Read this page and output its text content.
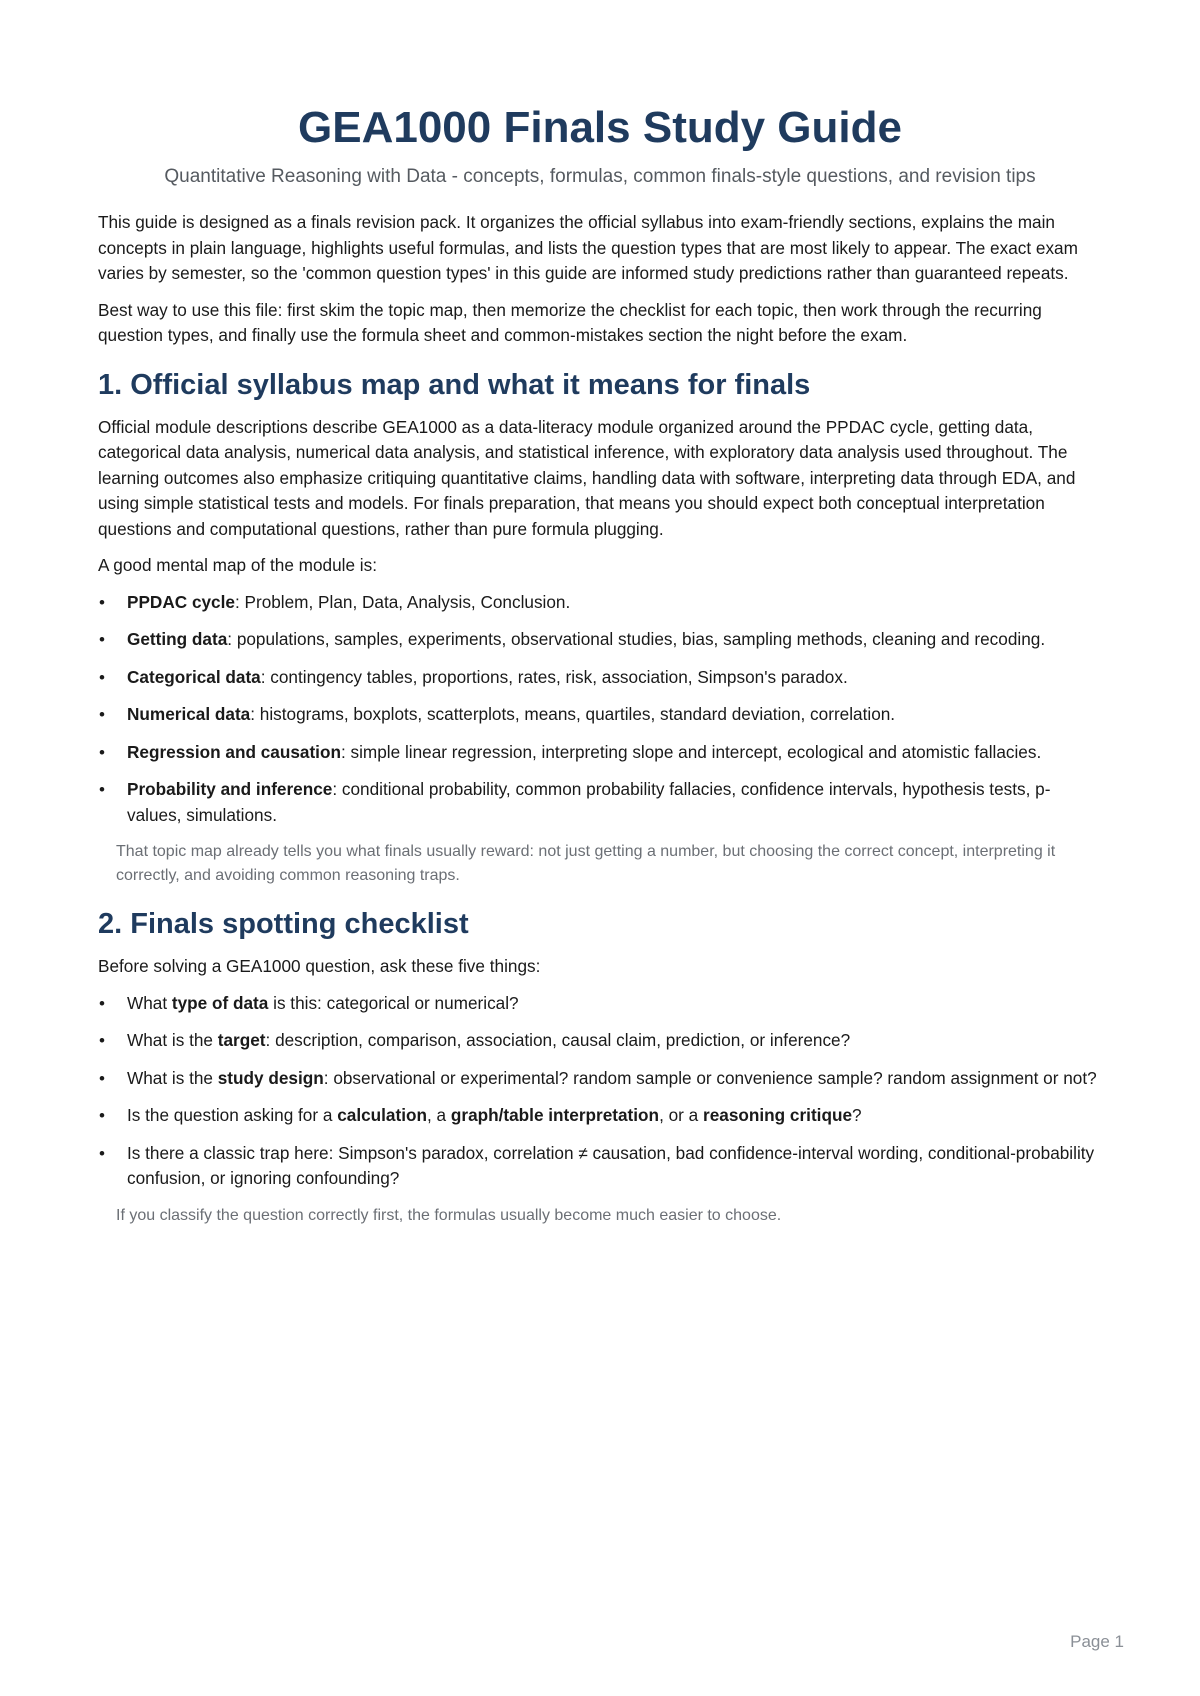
GEA1000 Finals Study Guide
Quantitative Reasoning with Data - concepts, formulas, common finals-style questions, and revision tips

This guide is designed as a finals revision pack. It organizes the official syllabus into exam-friendly sections, explains the main concepts in plain language, highlights useful formulas, and lists the question types that are most likely to appear. The exact exam varies by semester, so the 'common question types' in this guide are informed study predictions rather than guaranteed repeats.

Best way to use this file: first skim the topic map, then memorize the checklist for each topic, then work through the recurring question types, and finally use the formula sheet and common-mistakes section the night before the exam.

1. Official syllabus map and what it means for finals

Official module descriptions describe GEA1000 as a data-literacy module organized around the PPDAC cycle, getting data, categorical data analysis, numerical data analysis, and statistical inference, with exploratory data analysis used throughout. The learning outcomes also emphasize critiquing quantitative claims, handling data with software, interpreting data through EDA, and using simple statistical tests and models. For finals preparation, that means you should expect both conceptual interpretation questions and computational questions, rather than pure formula plugging.

A good mental map of the module is:

• PPDAC cycle: Problem, Plan, Data, Analysis, Conclusion.
• Getting data: populations, samples, experiments, observational studies, bias, sampling methods, cleaning and recoding.
• Categorical data: contingency tables, proportions, rates, risk, association, Simpson's paradox.
• Numerical data: histograms, boxplots, scatterplots, means, quartiles, standard deviation, correlation.
• Regression and causation: simple linear regression, interpreting slope and intercept, ecological and atomistic fallacies.
• Probability and inference: conditional probability, common probability fallacies, confidence intervals, hypothesis tests, p-values, simulations.
That topic map already tells you what finals usually reward: not just getting a number, but choosing the correct concept, interpreting it correctly, and avoiding common reasoning traps.
2. Finals spotting checklist

Before solving a GEA1000 question, ask these five things:

• What type of data is this: categorical or numerical?
• What is the target: description, comparison, association, causal claim, prediction, or inference?
• What is the study design: observational or experimental? random sample or convenience sample? random assignment or not?
• Is the question asking for a calculation, a graph/table interpretation, or a reasoning critique?
• Is there a classic trap here: Simpson's paradox, correlation ≠ causation, bad confidence-interval wording, conditional-probability confusion, or ignoring confounding?
If you classify the question correctly first, the formulas usually become much easier to choose.
Page 1
